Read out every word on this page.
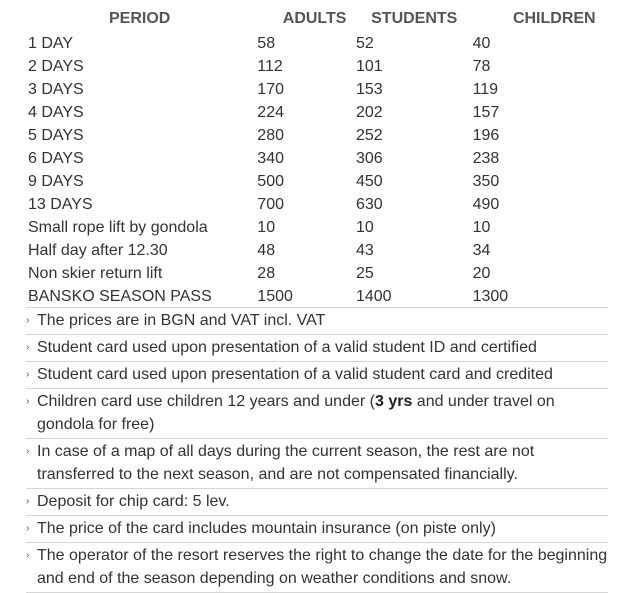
PERIOD	ADULTS	STUDENTS	CHILDREN
1 DAY	58	52	40
2 DAYS	112	101	78
3 DAYS	170	153	119
4 DAYS	224	202	157
5 DAYS	280	252	196
6 DAYS	340	306	238
9 DAYS	500	450	350
13 DAYS	700	630	490
Small rope lift by gondola	10	10	10
Half day after 12.30	48	43	34
Non skier return lift	28	25	20
BANSKO SEASON PASS	1500	1400	1300
› The prices are in BGN and VAT incl. VAT
› Student card used upon presentation of a valid student ID and certified
› Student card used upon presentation of a valid student card and credited
› Children card use children 12 years and under (3 yrs and under travel on gondola for free)
› In case of a map of all days during the current season, the rest are not transferred to the next season, and are not compensated financially.
› Deposit for chip card: 5 lev.
› The price of the card includes mountain insurance (on piste only)
› The operator of the resort reserves the right to change the date for the beginning and end of the season depending on weather conditions and snow.
